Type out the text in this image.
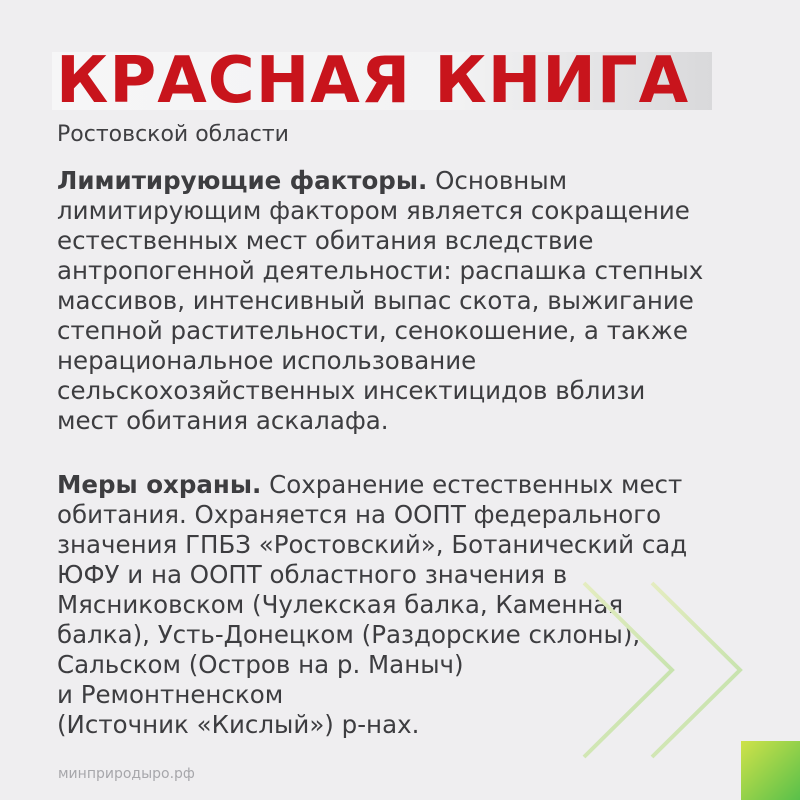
КРАСНАЯ КНИГА

Ростовской области

Лимитирующие факторы. Основным
лимитирующим фактором является сокращение
естественных мест обитания вследствие
антропогенной деятельности: распашка степных
массивов, интенсивный выпас скота, выжигание
степной растительности, сенокошение, а также
нерациональное использование
сельскохозяйственных инсектицидов вблизи
мест обитания аскалафа.

Меры охраны. Сохранение естественных мест
обитания. Охраняется на ООПТ федерального
значения ГПБЗ «Ростовский», Ботанический сад
ЮФУ и на ООПТ областного значения в
Мясниковском (Чулекская балка, Каменная
балка), Усть-Донецком (Раздорские склоны),
Сальском (Остров на р. Маныч)
и Ремонтненском
(Источник «Кислый») р-нах.

минприродыро.рф
